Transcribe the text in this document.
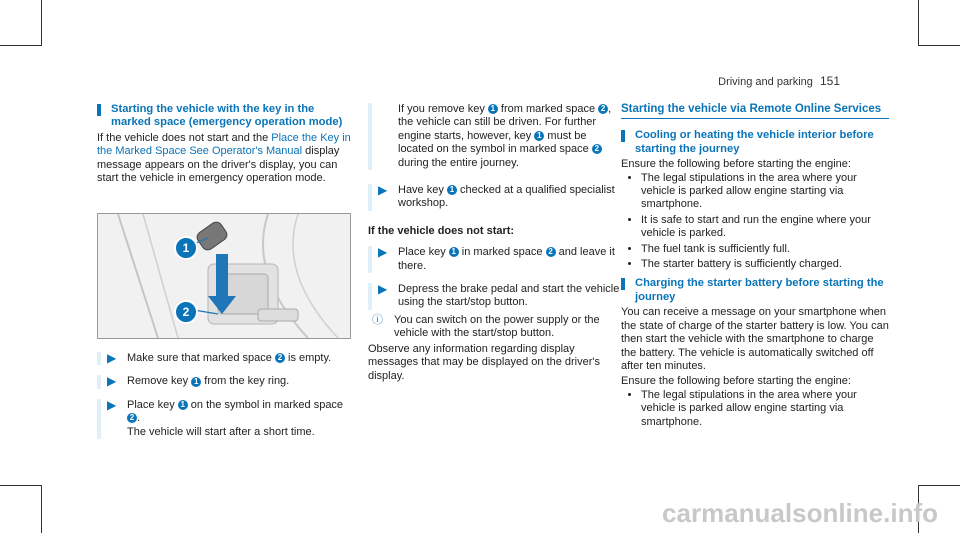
Driving and parking 151
Starting the vehicle with the key in the marked space (emergency operation mode)

If the vehicle does not start and the Place the Key in the Marked Space See Operator's Manual display message appears on the driver's display, you can start the vehicle in emergency operation mode.

1
2
▶ Make sure that marked space 2 is empty.
▶ Remove key 1 from the key ring.
▶ Place key 1 on the symbol in marked space 2 .
The vehicle will start after a short time.
If you remove key 1 from marked space 2 , the vehicle can still be driven. For further engine starts, however, key 1 must be located on the symbol in marked space 2 during the entire journey.
▶ Have key 1 checked at a qualified specialist workshop.

If the vehicle does not start:

▶ Place key 1 in marked space 2 and leave it there.
▶ Depress the brake pedal and start the vehicle using the start/stop button.
ⓘ You can switch on the power supply or the vehicle with the start/stop button.

Observe any information regarding display messages that may be displayed on the driver's display.

Starting the vehicle via Remote Online Services
Cooling or heating the vehicle interior before starting the journey

Ensure the following before starting the engine:

• The legal stipulations in the area where your vehicle is parked allow engine starting via smartphone.
• It is safe to start and run the engine where your vehicle is parked.
• The fuel tank is sufficiently full.
• The starter battery is sufficiently charged.
Charging the starter battery before starting the journey

You can receive a message on your smartphone when the state of charge of the starter battery is low. You can then start the vehicle with the smartphone to charge the battery. The vehicle is automatically switched off after ten minutes.

Ensure the following before starting the engine:

• The legal stipulations in the area where your vehicle is parked allow engine starting via smartphone.
carmanualsonline.info
